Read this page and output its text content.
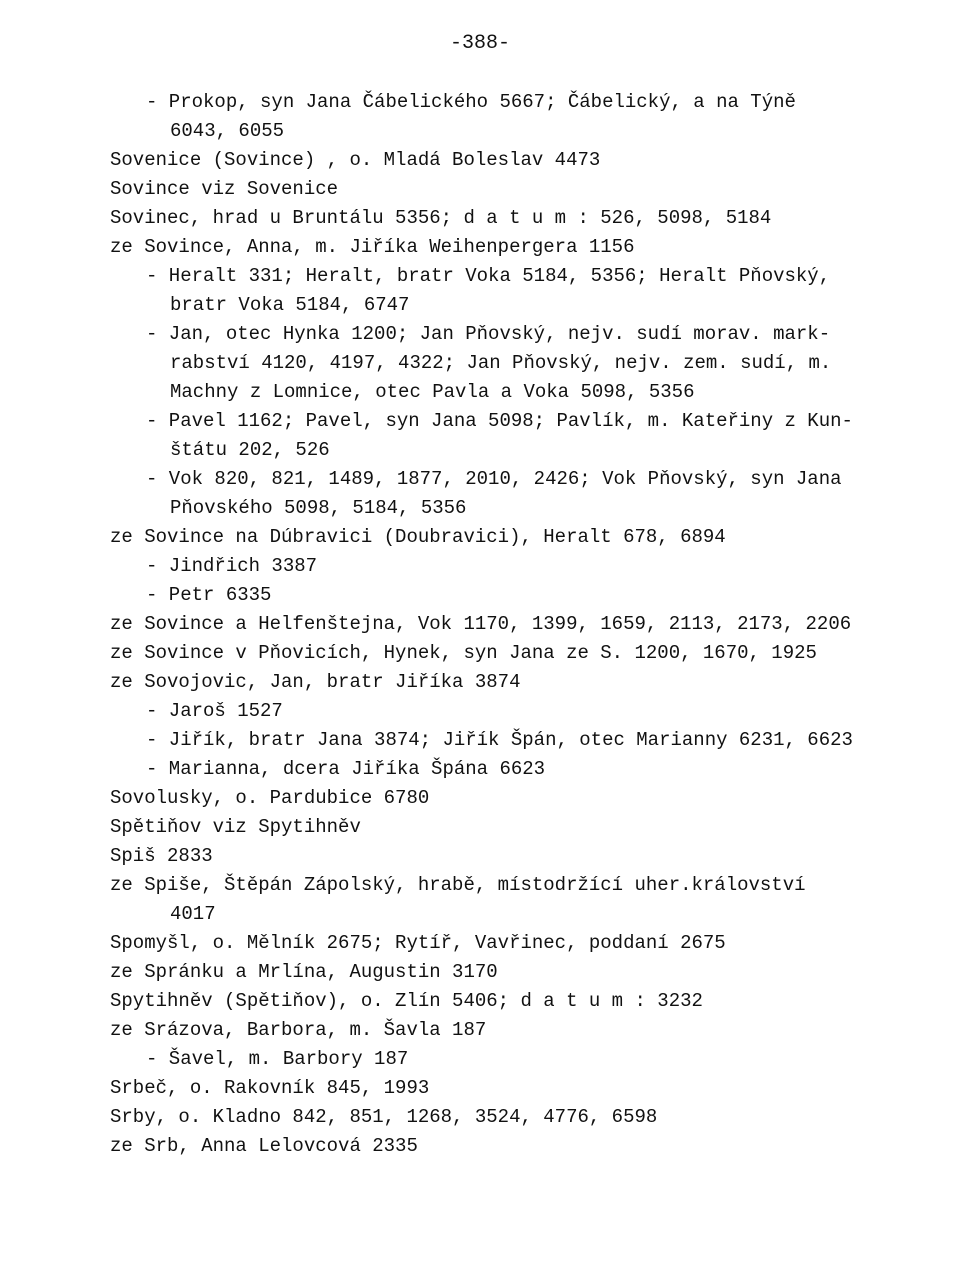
-388-
- Prokop, syn Jana Čábelického 5667; Čábelický, a na Týně
6043, 6055
Sovenice (Sovince) , o. Mladá Boleslav 4473
Sovince viz Sovenice
Sovinec, hrad u Bruntálu 5356; d a t u m : 526, 5098, 5184
ze Sovince, Anna, m. Jiříka Weihenpergera 1156
- Heralt 331; Heralt, bratr Voka 5184, 5356; Heralt Pňovský,
bratr Voka 5184, 6747
- Jan, otec Hynka 1200; Jan Pňovský, nejv. sudí morav. mark-
rabství 4120, 4197, 4322; Jan Pňovský, nejv. zem. sudí, m.
Machny z Lomnice, otec Pavla a Voka 5098, 5356
- Pavel 1162; Pavel, syn Jana 5098; Pavlík, m. Kateřiny z Kun-
štátu 202, 526
- Vok 820, 821, 1489, 1877, 2010, 2426; Vok Pňovský, syn Jana
Pňovského 5098, 5184, 5356
ze Sovince na Dúbravici (Doubravici), Heralt 678, 6894
- Jindřich 3387
- Petr 6335
ze Sovince a Helfenštejna, Vok 1170, 1399, 1659, 2113, 2173, 2206
ze Sovince v Pňovicích, Hynek, syn Jana ze S. 1200, 1670, 1925
ze Sovojovic, Jan, bratr Jiříka 3874
- Jaroš 1527
- Jiřík, bratr Jana 3874; Jiřík Špán, otec Marianny 6231, 6623
- Marianna, dcera Jiříka Špána 6623
Sovolusky, o. Pardubice 6780
Spětiňov viz Spytihněv
Spiš 2833
ze Spiše, Štěpán Zápolský, hrabě, místodržící uher.království
4017
Spomyšl, o. Mělník 2675; Rytíř, Vavřinec, poddaní 2675
ze Spránku a Mrlína, Augustin 3170
Spytihněv (Spětiňov), o. Zlín 5406; d a t u m : 3232
ze Srázova, Barbora, m. Šavla 187
- Šavel, m. Barbory 187
Srbeč, o. Rakovník 845, 1993
Srby, o. Kladno 842, 851, 1268, 3524, 4776, 6598
ze Srb, Anna Lelovcová 2335
